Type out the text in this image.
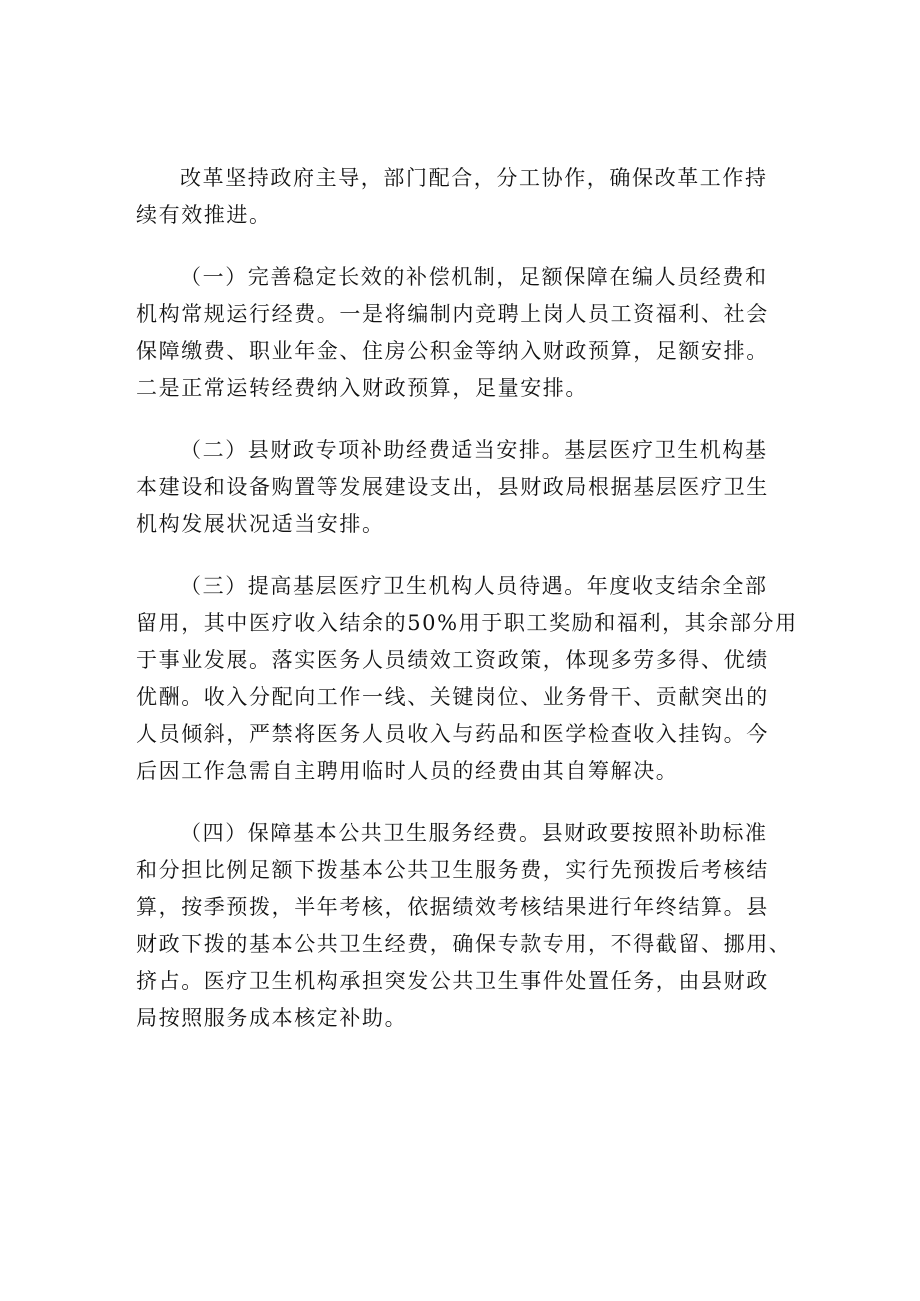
改革坚持政府主导，部门配合，分工协作，确保改革工作持
续有效推进。
（一）完善稳定长效的补偿机制，足额保障在编人员经费和
机构常规运行经费。一是将编制内竞聘上岗人员工资福利、社会
保障缴费、职业年金、住房公积金等纳入财政预算，足额安排。
二是正常运转经费纳入财政预算，足量安排。
（二）县财政专项补助经费适当安排。基层医疗卫生机构基
本建设和设备购置等发展建设支出，县财政局根据基层医疗卫生
机构发展状况适当安排。
（三）提高基层医疗卫生机构人员待遇。年度收支结余全部
留用，其中医疗收入结余的50%用于职工奖励和福利，其余部分用
于事业发展。落实医务人员绩效工资政策，体现多劳多得、优绩
优酬。收入分配向工作一线、关键岗位、业务骨干、贡献突出的
人员倾斜，严禁将医务人员收入与药品和医学检查收入挂钩。今
后因工作急需自主聘用临时人员的经费由其自筹解决。
（四）保障基本公共卫生服务经费。县财政要按照补助标准
和分担比例足额下拨基本公共卫生服务费，实行先预拨后考核结
算，按季预拨，半年考核，依据绩效考核结果进行年终结算。县
财政下拨的基本公共卫生经费，确保专款专用，不得截留、挪用、
挤占。医疗卫生机构承担突发公共卫生事件处置任务，由县财政
局按照服务成本核定补助。
